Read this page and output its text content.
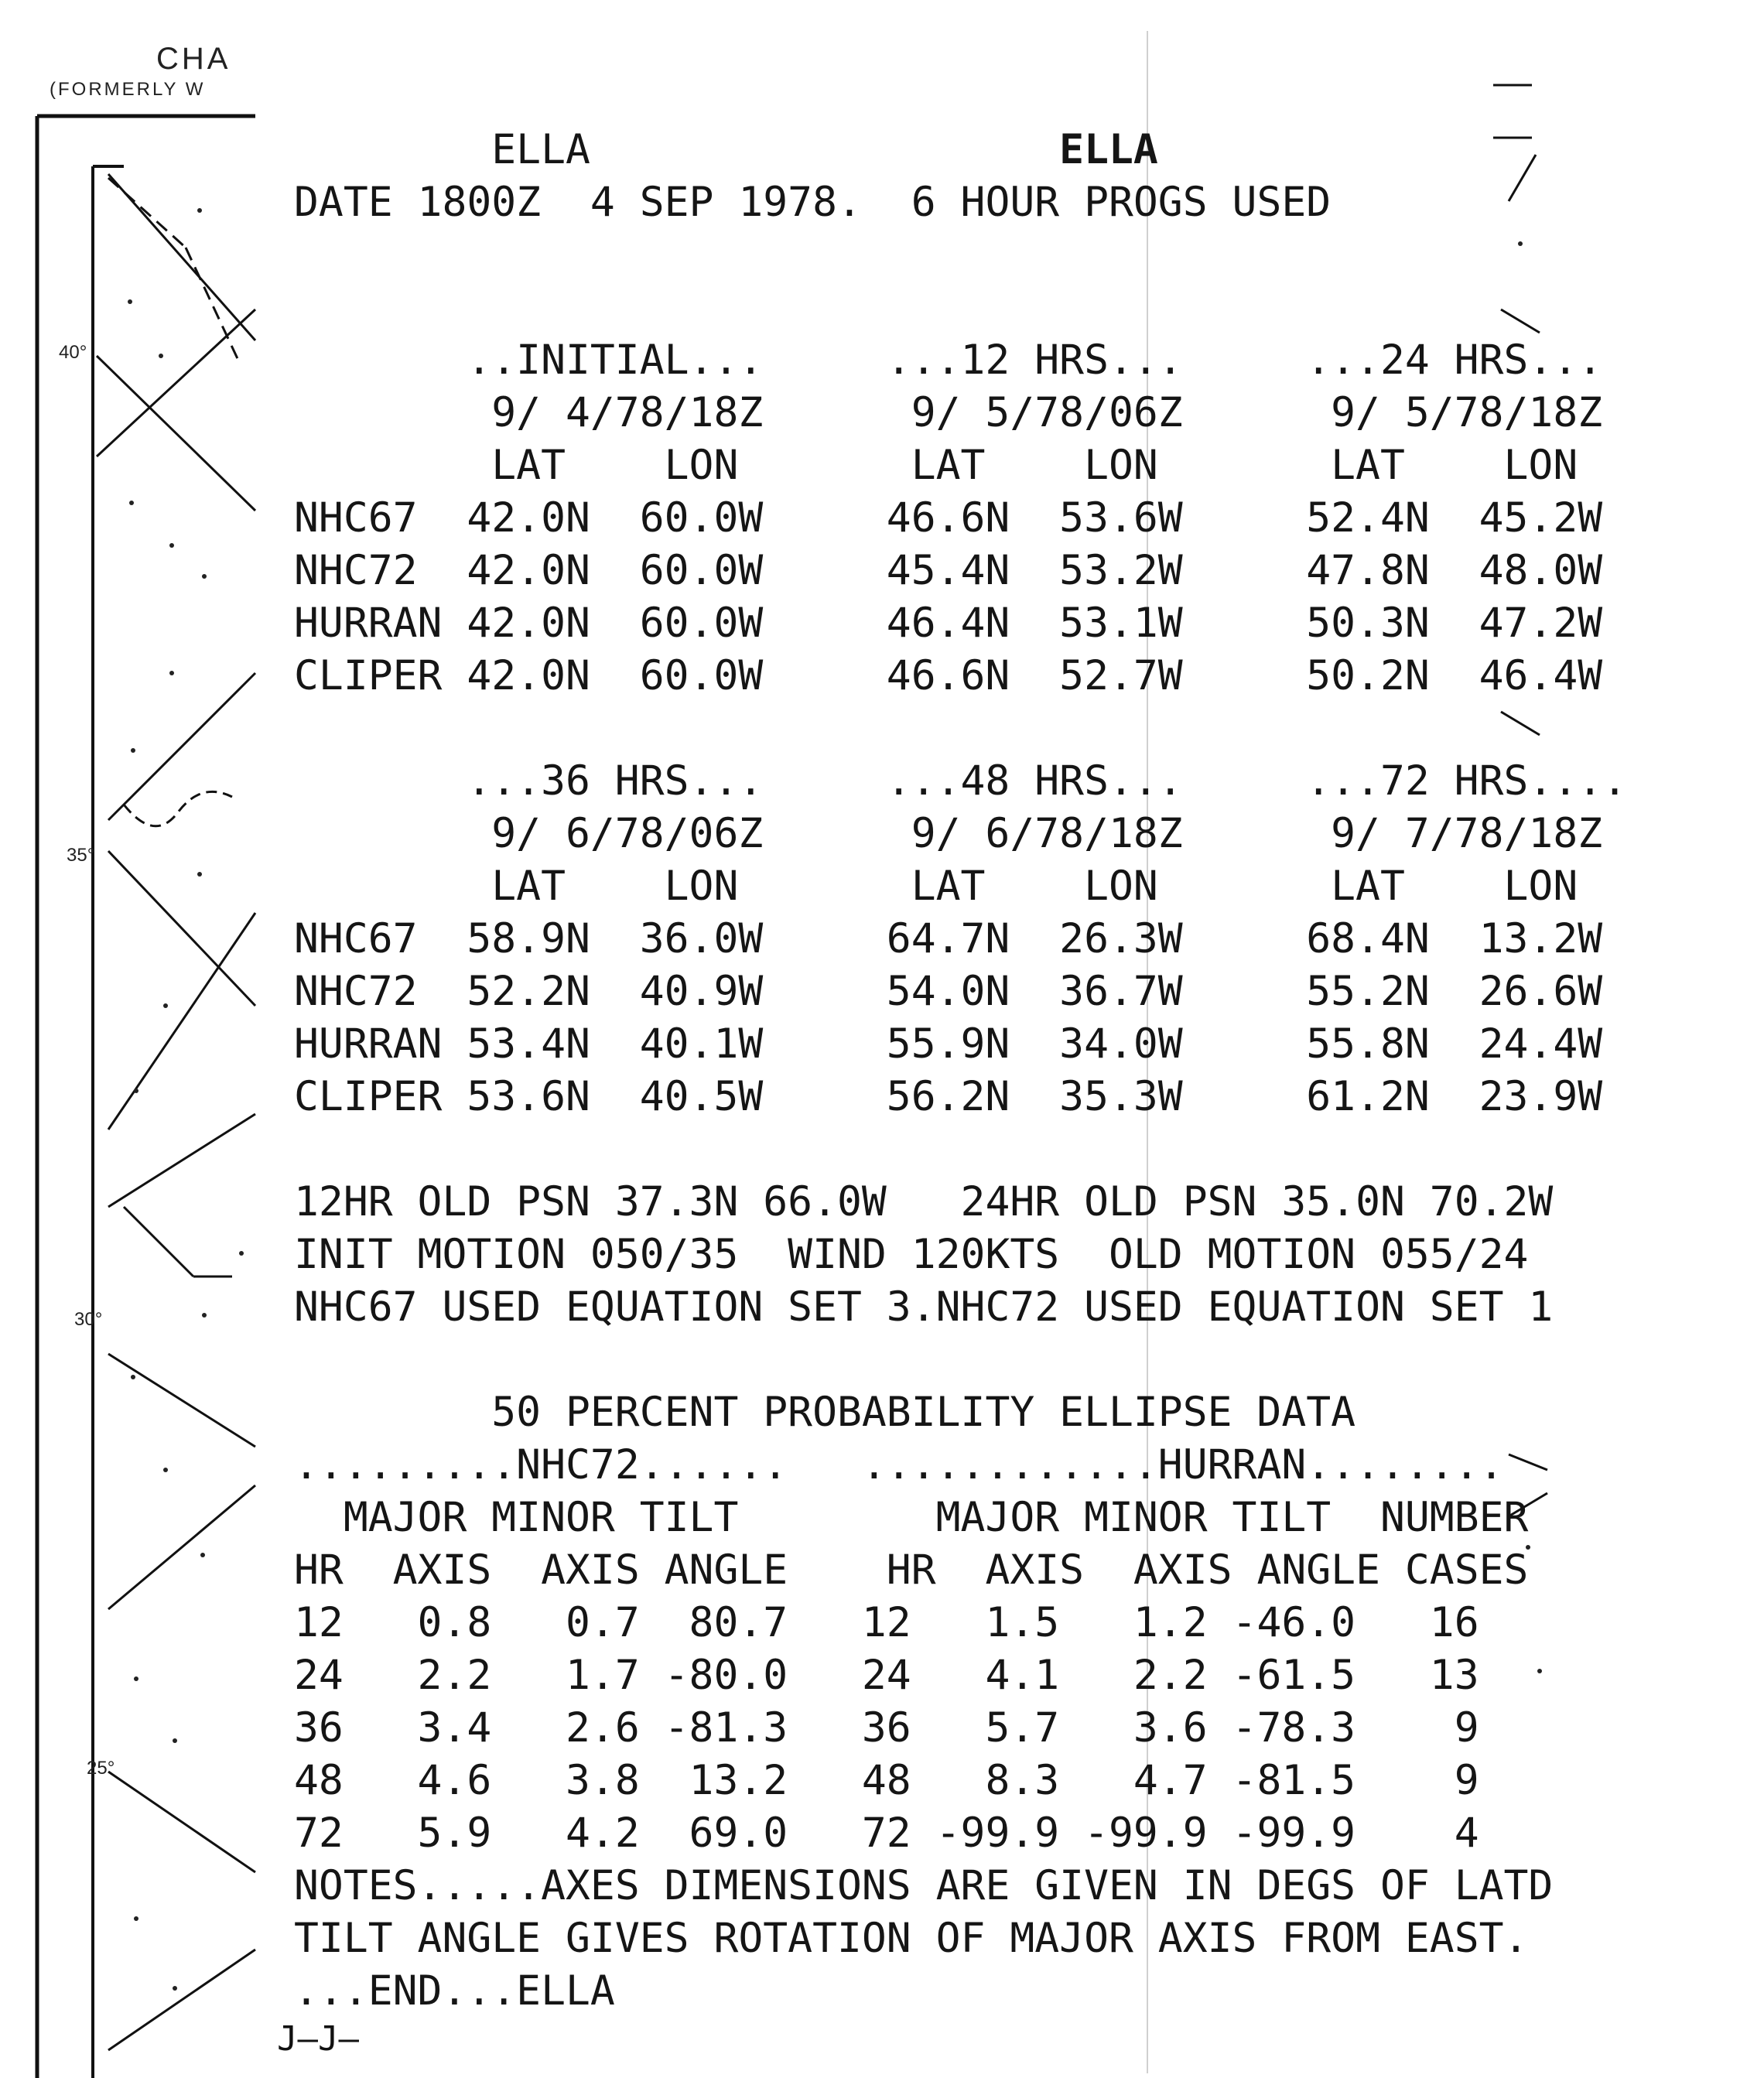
CHA
(FORMERLY W
40°
35°
30°
25°
ELLA	ELLA
DATE 1800Z  4 SEP 1978.  6 HOUR PROGS USED
..INITIAL...	...12 HRS...	...24 HRS...
9/ 4/78/18Z	9/ 5/78/06Z	9/ 5/78/18Z
LAT LON	LAT LON	LAT LON
NHC67 42.0N 60.0W	46.6N 53.6W	52.4N 45.2W
NHC72 42.0N 60.0W	45.4N 53.2W	47.8N 48.0W
HURRAN 42.0N 60.0W	46.4N 53.1W	50.3N 47.2W
CLIPER 42.0N 60.0W	46.6N 52.7W	50.2N 46.4W
...36 HRS...	...48 HRS...	...72 HRS....
9/ 6/78/06Z	9/ 6/78/18Z	9/ 7/78/18Z
LAT LON	LAT LON	LAT LON
NHC67 58.9N 36.0W	64.7N 26.3W	68.4N 13.2W
NHC72 52.2N 40.9W	54.0N 36.7W	55.2N 26.6W
HURRAN 53.4N 40.1W	55.9N 34.0W	55.8N 24.4W
CLIPER 53.6N 40.5W	56.2N 35.3W	61.2N 23.9W
12HR OLD PSN 37.3N 66.0W   24HR OLD PSN 35.0N 70.2W
INIT MOTION 050/35  WIND 120KTS  OLD MOTION 055/24
NHC67 USED EQUATION SET 3.NHC72 USED EQUATION SET 1
50 PERCENT PROBABILITY ELLIPSE DATA
.........NHC72......   ............HURRAN........
MAJOR MINOR TILT        MAJOR MINOR TILT  NUMBER
HR  AXIS  AXIS ANGLE    HR  AXIS  AXIS ANGLE CASES
12   0.8   0.7  80.7   12   1.5   1.2 -46.0   16
24   2.2   1.7 -80.0   24   4.1   2.2 -61.5   13
36   3.4   2.6 -81.3   36   5.7   3.6 -78.3    9
48   4.6   3.8  13.2   48   8.3   4.7 -81.5    9
72   5.9   4.2  69.0   72 -99.9 -99.9 -99.9    4
NOTES.....AXES DIMENSIONS ARE GIVEN IN DEGS OF LATD
TILT ANGLE GIVES ROTATION OF MAJOR AXIS FROM EAST.
...END...ELLA
J—J—
